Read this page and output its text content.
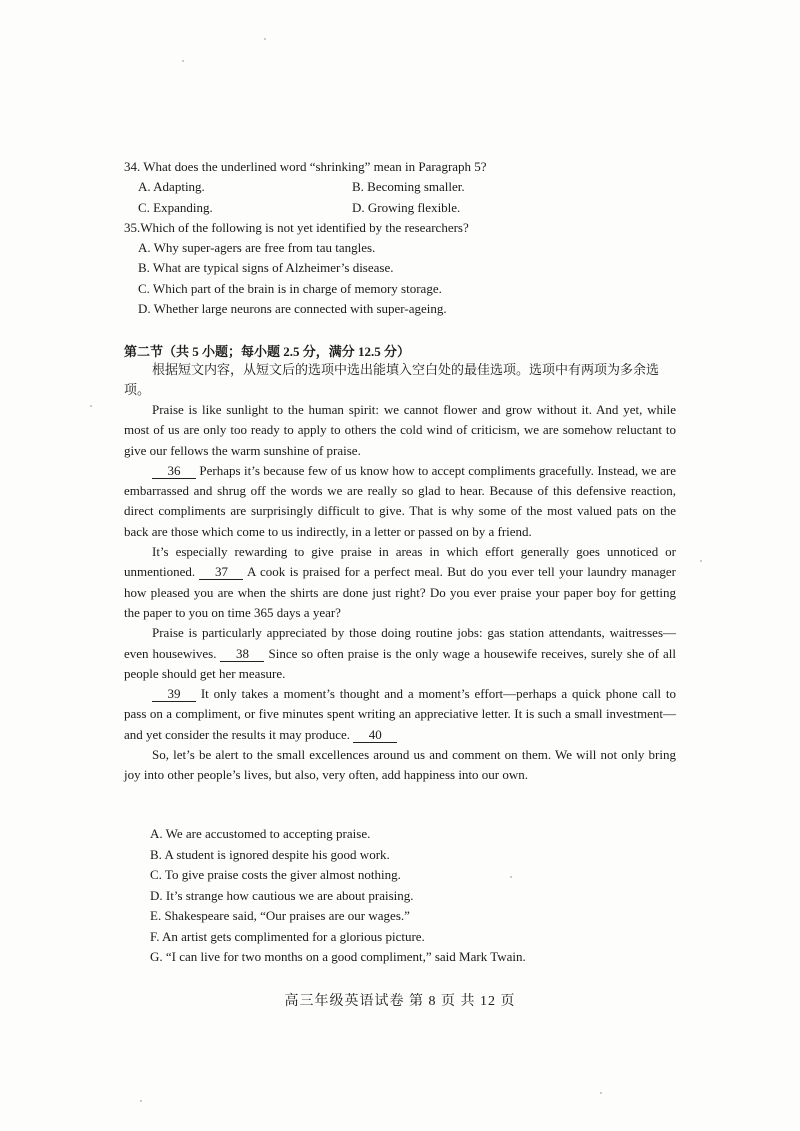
34. What does the underlined word “shrinking” mean in Paragraph 5?
A. Adapting.	B. Becoming smaller.
C. Expanding.	D. Growing flexible.
35.Which of the following is not yet identified by the researchers?
A. Why super-agers are free from tau tangles.
B. What are typical signs of Alzheimer’s disease.
C. Which part of the brain is in charge of memory storage.
D. Whether large neurons are connected with super-ageing.
第二节（共 5 小题；每小题 2.5 分，满分 12.5 分）
根据短文内容，从短文后的选项中选出能填入空白处的最佳选项。选项中有两项为多余选项。

Praise is like sunlight to the human spirit: we cannot flower and grow without it. And yet, while most of us are only too ready to apply to others the cold wind of criticism, we are somehow reluctant to give our fellows the warm sunshine of praise.

36 Perhaps it’s because few of us know how to accept compliments gracefully. Instead, we are embarrassed and shrug off the words we are really so glad to hear. Because of this defensive reaction, direct compliments are surprisingly difficult to give. That is why some of the most valued pats on the back are those which come to us indirectly, in a letter or passed on by a friend.

It’s especially rewarding to give praise in areas in which effort generally goes unnoticed or unmentioned. 37 A cook is praised for a perfect meal. But do you ever tell your laundry manager how pleased you are when the shirts are done just right? Do you ever praise your paper boy for getting the paper to you on time 365 days a year?

Praise is particularly appreciated by those doing routine jobs: gas station attendants, waitresses—even housewives. 38 Since so often praise is the only wage a housewife receives, surely she of all people should get her measure.

39 It only takes a moment’s thought and a moment’s effort—perhaps a quick phone call to pass on a compliment, or five minutes spent writing an appreciative letter. It is such a small investment—and yet consider the results it may produce. 40

So, let’s be alert to the small excellences around us and comment on them. We will not only bring joy into other people’s lives, but also, very often, add happiness into our own.

A. We are accustomed to accepting praise.
B. A student is ignored despite his good work.
C. To give praise costs the giver almost nothing.
D. It’s strange how cautious we are about praising.
E. Shakespeare said, “Our praises are our wages.”
F. An artist gets complimented for a glorious picture.
G. “I can live for two months on a good compliment,” said Mark Twain.
高三年级英语试卷 第 8 页 共 12 页
